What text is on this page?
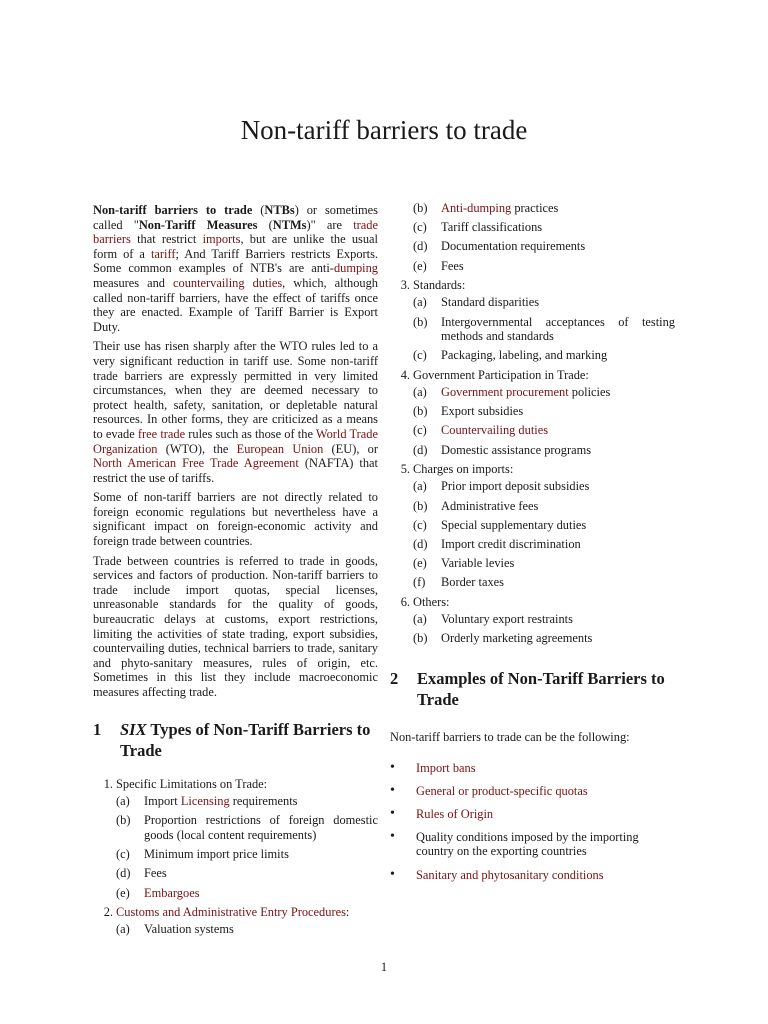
Non-tariff barriers to trade

Non-tariff barriers to trade (NTBs) or sometimes called "Non-Tariff Measures (NTMs)" are trade barriers that restrict imports, but are unlike the usual form of a tariff; And Tariff Barriers restricts Exports. Some common examples of NTB's are anti-dumping measures and countervailing duties, which, although called non-tariff barriers, have the effect of tariffs once they are enacted. Example of Tariff Barrier is Export Duty.

Their use has risen sharply after the WTO rules led to a very significant reduction in tariff use. Some non-tariff trade barriers are expressly permitted in very limited circumstances, when they are deemed necessary to protect health, safety, sanitation, or depletable natural resources. In other forms, they are criticized as a means to evade free trade rules such as those of the World Trade Organization (WTO), the European Union (EU), or North American Free Trade Agreement (NAFTA) that restrict the use of tariffs.

Some of non-tariff barriers are not directly related to foreign economic regulations but nevertheless have a significant impact on foreign-economic activity and foreign trade between countries.

Trade between countries is referred to trade in goods, services and factors of production. Non-tariff barriers to trade include import quotas, special licenses, unreasonable standards for the quality of goods, bureaucratic delays at customs, export restrictions, limiting the activities of state trading, export subsidies, countervailing duties, technical barriers to trade, sanitary and phyto-sanitary measures, rules of origin, etc. Sometimes in this list they include macroeconomic measures affecting trade.

1	SIX Types of Non-Tariff Barriers to Trade
1. Specific Limitations on Trade:
(a)	Import Licensing requirements
(b)	Proportion restrictions of foreign domestic goods (local content requirements)
(c)	Minimum import price limits
(d)	Fees
(e)	Embargoes
2. Customs and Administrative Entry Procedures:
(a)	Valuation systems
(b)	Anti-dumping practices
(c)	Tariff classifications
(d)	Documentation requirements
(e)	Fees
3. Standards:
(a)	Standard disparities
(b)	Intergovernmental acceptances of testing methods and standards
(c)	Packaging, labeling, and marking
4. Government Participation in Trade:
(a)	Government procurement policies
(b)	Export subsidies
(c)	Countervailing duties
(d)	Domestic assistance programs
5. Charges on imports:
(a)	Prior import deposit subsidies
(b)	Administrative fees
(c)	Special supplementary duties
(d)	Import credit discrimination
(e)	Variable levies
(f)	Border taxes
6. Others:
(a)	Voluntary export restraints
(b)	Orderly marketing agreements
2	Examples of Non-Tariff Barriers to Trade

Non-tariff barriers to trade can be the following:

• Import bans
• General or product-specific quotas
• Rules of Origin
• Quality conditions imposed by the importing country on the exporting countries
• Sanitary and phytosanitary conditions
1
